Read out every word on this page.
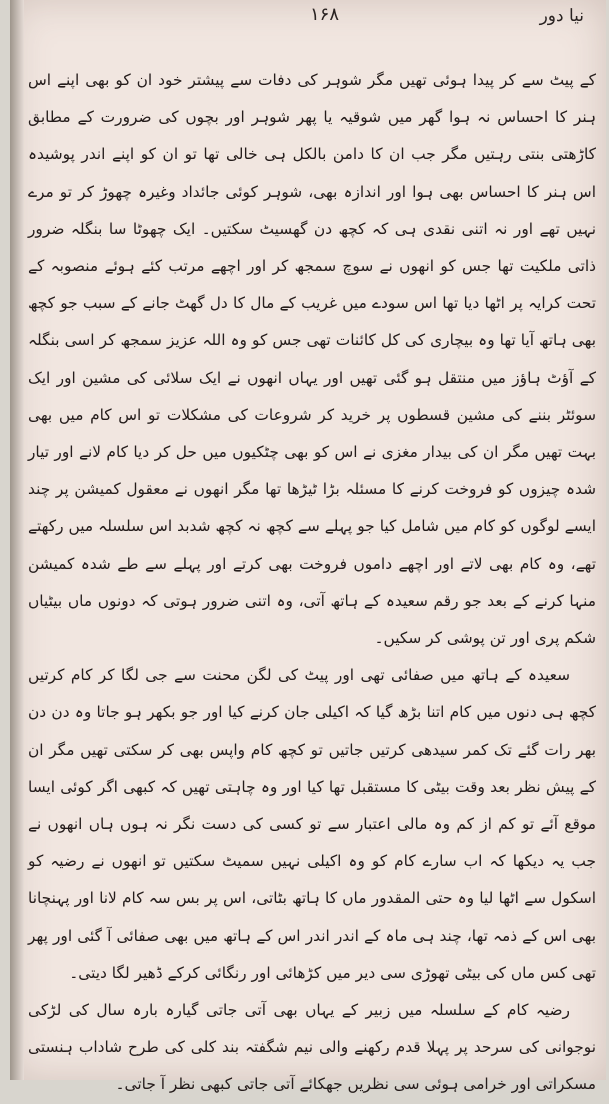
نیا دور
۱۶۸

کے پیٹ سے کر پیدا ہوئی تھیں مگر شوہر کی دفات سے پیشتر خود ان کو بھی اپنے اس ہنر کا احساس نہ ہوا گھر میں شوقیہ یا پھر شوہر اور بچوں کی ضرورت کے مطابق کاڑھتی بنتی رہتیں مگر جب ان کا دامن بالکل ہی خالی تھا تو ان کو اپنے اندر پوشیدہ اس ہنر کا احساس بھی ہوا اور اندازہ بھی، شوہر کوئی جائداد وغیرہ چھوڑ کر تو مرے نہیں تھے اور نہ اتنی نقدی ہی کہ کچھ دن گھسیٹ سکتیں۔ ایک چھوٹا سا بنگلہ ضرور ذاتی ملکیت تھا جس کو انھوں نے سوچ سمجھ کر اور اچھے مرتب کئے ہوئے منصوبہ کے تحت کرایہ پر اٹھا دیا تھا اس سودے میں غریب کے مال کا دل گھٹ جانے کے سبب جو کچھ بھی ہاتھ آیا تھا وہ بیچاری کی کل کائنات تھی جس کو وہ اللہ عزیز سمجھ کر اسی بنگلہ کے آؤٹ ہاؤز میں منتقل ہو گئی تھیں اور یہاں انھوں نے ایک سلائی کی مشین اور ایک سوئٹر بننے کی مشین قسطوں پر خرید کر شروعات کی مشکلات تو اس کام میں بھی بہت تھیں مگر ان کی بیدار مغزی نے اس کو بھی چٹکیوں میں حل کر دیا کام لانے اور تیار شدہ چیزوں کو فروخت کرنے کا مسئلہ بڑا ٹیڑھا تھا مگر انھوں نے معقول کمیشن پر چند ایسے لوگوں کو کام میں شامل کیا جو پہلے سے کچھ نہ کچھ شدبد اس سلسلہ میں رکھتے تھے، وہ کام بھی لاتے اور اچھے داموں فروخت بھی کرتے اور پہلے سے طے شدہ کمیشن منہا کرنے کے بعد جو رقم سعیدہ کے ہاتھ آتی، وہ اتنی ضرور ہوتی کہ دونوں ماں بیٹیاں شکم پری اور تن پوشی کر سکیں۔

سعیدہ کے ہاتھ میں صفائی تھی اور پیٹ کی لگن محنت سے جی لگا کر کام کرتیں کچھ ہی دنوں میں کام اتنا بڑھ گیا کہ اکیلی جان کرنے کیا اور جو بکھر ہو جاتا وہ دن دن بھر رات گئے تک کمر سیدھی کرتیں جاتیں تو کچھ کام واپس بھی کر سکتی تھیں مگر ان کے پیش نظر بعد وقت بیٹی کا مستقبل تھا کیا اور وہ چاہتی تھیں کہ کبھی اگر کوئی ایسا موقع آئے تو کم از کم وہ مالی اعتبار سے تو کسی کی دست نگر نہ ہوں ہاں انھوں نے جب یہ دیکھا کہ اب سارے کام کو وہ اکیلی نہیں سمیٹ سکتیں تو انھوں نے رضیہ کو اسکول سے اٹھا لیا وہ حتی المقدور ماں کا ہاتھ بٹاتی، اس پر بس سہ کام لانا اور پہنچانا بھی اس کے ذمہ تھا، چند ہی ماہ کے اندر اندر اس کے ہاتھ میں بھی صفائی آ گئی اور پھر تھی کس ماں کی بیٹی تھوڑی سی دیر میں کڑھائی اور رنگائی کرکے ڈھیر لگا دیتی۔

رضیہ کام کے سلسلہ میں زبیر کے یہاں بھی آتی جاتی گیارہ بارہ سال کی لڑکی نوجوانی کی سرحد پر پہلا قدم رکھنے والی نیم شگفتہ بند کلی کی طرح شاداب ہنستی مسکراتی اور خرامی ہوئی سی نظریں جھکائے آتی جاتی کبھی نظر آ جاتی۔
